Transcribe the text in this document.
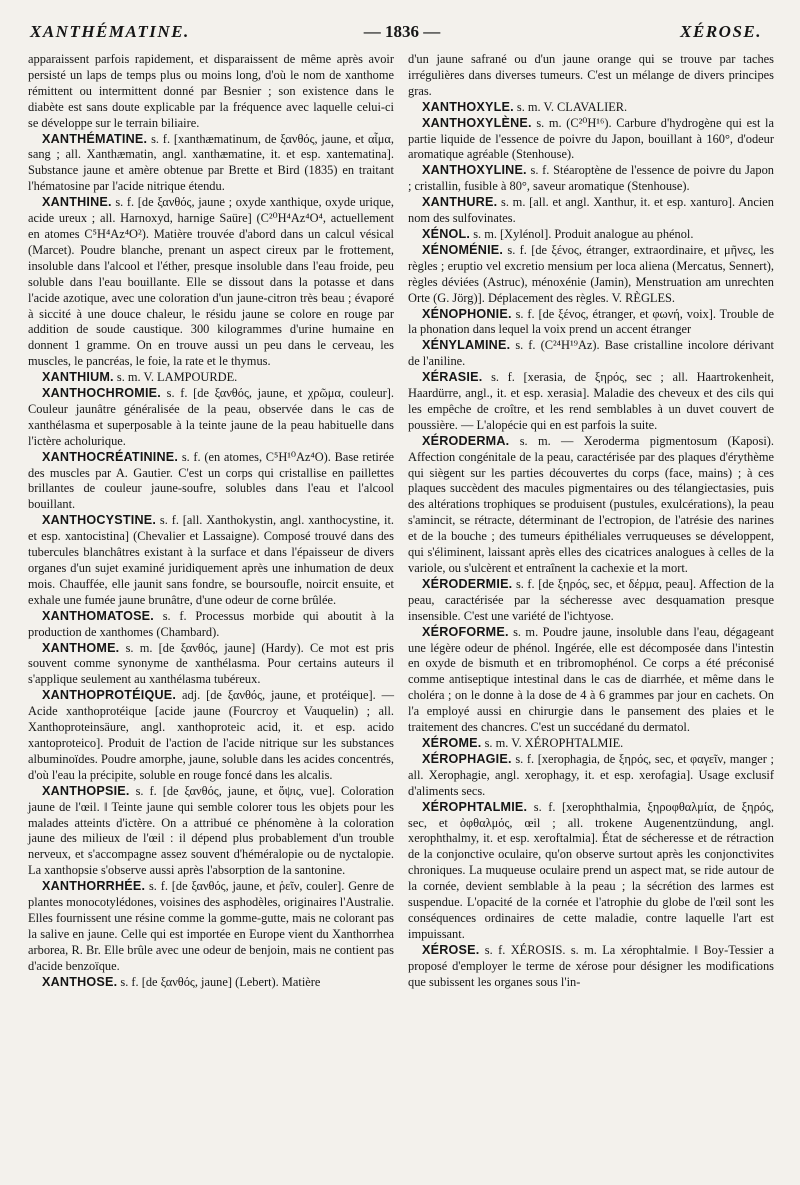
XANTHÉMATINE.	— 1836 —	XÉROSE.

apparaissent parfois rapidement, et disparaissent de même après avoir persisté un laps de temps plus ou moins long, d'où le nom de xanthome rémittent ou intermittent donné par Besnier ; son existence dans le diabète est sans doute explicable par la fréquence avec laquelle celui-ci se développe sur le terrain biliaire.

XANTHÉMATINE. s. f. [xanthæmatinum, de ξανθός, jaune, et αἷμα, sang ; all. Xanthæmatin, angl. xanthæmatine, it. et esp. xantematina]. Substance jaune et amère obtenue par Brette et Bird (1835) en traitant l'hématosine par l'acide nitrique étendu.

XANTHINE. s. f. [de ξανθός, jaune ; oxyde xanthique, oxyde urique, acide ureux ; all. Harnoxyd, harnige Saüre] (C²⁰H⁴Az⁴O⁴, actuellement en atomes C⁵H⁴Az⁴O²). Matière trouvée d'abord dans un calcul vésical (Marcet). Poudre blanche, prenant un aspect cireux par le frottement, insoluble dans l'alcool et l'éther, presque insoluble dans l'eau froide, peu soluble dans l'eau bouillante. Elle se dissout dans la potasse et dans l'acide azotique, avec une coloration d'un jaune-citron très beau ; évaporé à siccité à une douce chaleur, le résidu jaune se colore en rouge par addition de soude caustique. 300 kilogrammes d'urine humaine en donnent 1 gramme. On en trouve aussi un peu dans le cerveau, les muscles, le pancréas, le foie, la rate et le thymus.

XANTHIUM. s. m. V. LAMPOURDE.

XANTHOCHROMIE. s. f. [de ξανθός, jaune, et χρῶμα, couleur]. Couleur jaunâtre généralisée de la peau, observée dans le cas de xanthélasma et superposable à la teinte jaune de la peau habituelle dans l'ictère acholurique.

XANTHOCRÉATININE. s. f. (en atomes, C⁵H¹⁰Az⁴O). Base retirée des muscles par A. Gautier. C'est un corps qui cristallise en paillettes brillantes de couleur jaune-soufre, solubles dans l'eau et l'alcool bouillant.

XANTHOCYSTINE. s. f. [all. Xanthokystin, angl. xanthocystine, it. et esp. xantocistina] (Chevalier et Lassaigne). Composé trouvé dans des tubercules blanchâtres existant à la surface et dans l'épaisseur de divers organes d'un sujet examiné juridiquement après une inhumation de deux mois. Chauffée, elle jaunit sans fondre, se boursoufle, noircit ensuite, et exhale une fumée jaune brunâtre, d'une odeur de corne brûlée.

XANTHOMATOSE. s. f. Processus morbide qui aboutit à la production de xanthomes (Chambard).

XANTHOME. s. m. [de ξανθός, jaune] (Hardy). Ce mot est pris souvent comme synonyme de xanthélasma. Pour certains auteurs il s'applique seulement au xanthélasma tubéreux.

XANTHOPROTÉIQUE. adj. [de ξανθός, jaune, et protéique]. — Acide xanthoprotéique [acide jaune (Fourcroy et Vauquelin) ; all. Xanthoproteinsäure, angl. xanthoproteic acid, it. et esp. acido xantoproteico]. Produit de l'action de l'acide nitrique sur les substances albuminoïdes. Poudre amorphe, jaune, soluble dans les acides concentrés, d'où l'eau la précipite, soluble en rouge foncé dans les alcalis.

XANTHOPSIE. s. f. [de ξανθός, jaune, et ὄψις, vue]. Coloration jaune de l'œil. ‖ Teinte jaune qui semble colorer tous les objets pour les malades atteints d'ictère. On a attribué ce phénomène à la coloration jaune des milieux de l'œil : il dépend plus probablement d'un trouble nerveux, et s'accompagne assez souvent d'héméralopie ou de nyctalopie. La xanthopsie s'observe aussi après l'absorption de la santonine.

XANTHORRHÉE. s. f. [de ξανθός, jaune, et ῥεῖν, couler]. Genre de plantes monocotylédones, voisines des asphodèles, originaires l'Australie. Elles fournissent une résine comme la gomme-gutte, mais ne colorant pas la salive en jaune. Celle qui est importée en Europe vient du Xanthorrhea arborea, R. Br. Elle brûle avec une odeur de benjoin, mais ne contient pas d'acide benzoïque.

XANTHOSE. s. f. [de ξανθός, jaune] (Lebert). Matière

d'un jaune safrané ou d'un jaune orange qui se trouve par taches irrégulières dans diverses tumeurs. C'est un mélange de divers principes gras.

XANTHOXYLE. s. m. V. CLAVALIER.

XANTHOXYLÈNE. s. m. (C²⁰H¹⁶). Carbure d'hydrogène qui est la partie liquide de l'essence de poivre du Japon, bouillant à 160°, d'odeur aromatique agréable (Stenhouse).

XANTHOXYLINE. s. f. Stéaroptène de l'essence de poivre du Japon ; cristallin, fusible à 80°, saveur aromatique (Stenhouse).

XANTHURE. s. m. [all. et angl. Xanthur, it. et esp. xanturo]. Ancien nom des sulfovinates.

XÉNOL. s. m. [Xylénol]. Produit analogue au phénol.

XÉNOMÉNIE. s. f. [de ξένος, étranger, extraordinaire, et μῆνες, les règles ; eruptio vel excretio mensium per loca aliena (Mercatus, Sennert), règles déviées (Astruc), ménoxénie (Jamin), Menstruation am unrechten Orte (G. Jörg)]. Déplacement des règles. V. RÈGLES.

XÉNOPHONIE. s. f. [de ξένος, étranger, et φωνή, voix]. Trouble de la phonation dans lequel la voix prend un accent étranger

XÉNYLAMINE. s. f. (C²⁴H¹⁹Az). Base cristalline incolore dérivant de l'aniline.

XÉRASIE. s. f. [xerasia, de ξηρός, sec ; all. Haartrokenheit, Haardürre, angl., it. et esp. xerasia]. Maladie des cheveux et des cils qui les empêche de croître, et les rend semblables à un duvet couvert de poussière. — L'alopécie qui en est parfois la suite.

XÉRODERMA. s. m. — Xeroderma pigmentosum (Kaposi). Affection congénitale de la peau, caractérisée par des plaques d'érythème qui siègent sur les parties découvertes du corps (face, mains) ; à ces plaques succèdent des macules pigmentaires ou des télangiectasies, puis des altérations trophiques se produisent (pustules, exulcérations), la peau s'amincit, se rétracte, déterminant de l'ectropion, de l'atrésie des narines et de la bouche ; des tumeurs épithéliales verruqueuses se développent, qui s'éliminent, laissant après elles des cicatrices analogues à celles de la variole, ou s'ulcèrent et entraînent la cachexie et la mort.

XÉRODERMIE. s. f. [de ξηρός, sec, et δέρμα, peau]. Affection de la peau, caractérisée par la sécheresse avec desquamation presque insensible. C'est une variété de l'ichtyose.

XÉROFORME. s. m. Poudre jaune, insoluble dans l'eau, dégageant une légère odeur de phénol. Ingérée, elle est décomposée dans l'intestin en oxyde de bismuth et en tribromophénol. Ce corps a été préconisé comme antiseptique intestinal dans le cas de diarrhée, et même dans le choléra ; on le donne à la dose de 4 à 6 grammes par jour en cachets. On l'a employé aussi en chirurgie dans le pansement des plaies et le traitement des chancres. C'est un succédané du dermatol.

XÉROME. s. m. V. XÉROPHTALMIE.

XÉROPHAGIE. s. f. [xerophagia, de ξηρός, sec, et φαγεῖν, manger ; all. Xerophagie, angl. xerophagy, it. et esp. xerofagia]. Usage exclusif d'aliments secs.

XÉROPHTALMIE. s. f. [xerophthalmia, ξηροφθαλμία, de ξηρός, sec, et ὀφθαλμός, œil ; all. trokene Augenentzündung, angl. xerophthalmy, it. et esp. xeroftalmia]. État de sécheresse et de rétraction de la conjonctive oculaire, qu'on observe surtout après les conjonctivites chroniques. La muqueuse oculaire prend un aspect mat, se ride autour de la cornée, devient semblable à la peau ; la sécrétion des larmes est suspendue. L'opacité de la cornée et l'atrophie du globe de l'œil sont les conséquences ordinaires de cette maladie, contre laquelle l'art est impuissant.

XÉROSE. s. f. XÉROSIS. s. m. La xérophtalmie. ‖ Boy-Tessier a proposé d'employer le terme de xérose pour désigner les modifications que subissent les organes sous l'in-
